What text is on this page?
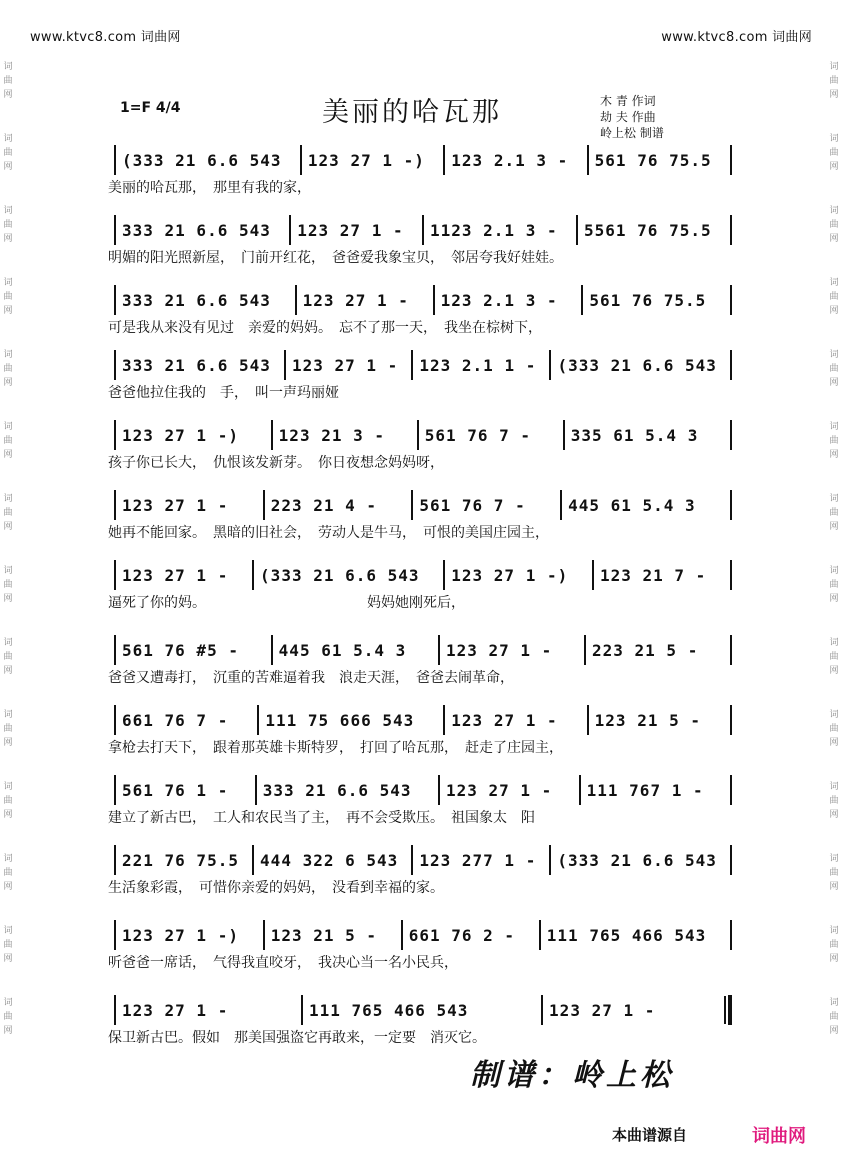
www.ktvc8.com 词曲网	www.ktvc8.com 词曲网
词曲网
词曲网
词曲网
词曲网
词曲网
词曲网
词曲网
词曲网
词曲网
词曲网
词曲网
词曲网
词曲网
词曲网
词曲网
词曲网
词曲网
词曲网
词曲网
词曲网
词曲网
词曲网
词曲网
词曲网
词曲网
词曲网
词曲网
词曲网
1=F 4/4	美丽的哈瓦那	木 青 作词
劫 夫 作曲
岭上松 制谱
(333 21 6.6 543	123 27 1 -)	123 2.1 3 -	561 76 75.5
美丽的哈瓦那，　那里有我的家，
333 21 6.6 543	123 27 1 -	1123 2.1 3 -	5561 76 75.5
明媚的阳光照新屋，　门前开红花，　爸爸爱我象宝贝，　邻居夸我好娃娃。
333 21 6.6 543	123 27 1 -	123 2.1 3 -	561 76 75.5
可是我从来没有见过　亲爱的妈妈。　忘不了那一天，　我坐在棕树下，
333 21 6.6 543	123 27 1 -	123 2.1 1 -	(333 21 6.6 543
爸爸他拉住我的　手，　叫一声玛丽娅
123 27 1 -)	123 21 3 -	561 76 7 -	335 61 5.4 3
孩子你已长大，　仇恨该发新芽。　你日夜想念妈妈呀，
123 27 1 -	223 21 4 -	561 76 7 -	445 61 5.4 3
她再不能回家。　黑暗的旧社会，　劳动人是牛马，　可恨的美国庄园主，
123 27 1 -	(333 21 6.6 543	123 27 1 -)	123 21 7 -
逼死了你的妈。　　　　　　　　　　　　妈妈她刚死后，
561 76 #5 -	445 61 5.4 3	123 27 1 -	223 21 5 -
爸爸又遭毒打，　沉重的苦难逼着我　浪走天涯，　爸爸去闹革命，
661 76 7 -	111 75 666 543	123 27 1 -	123 21 5 -
拿枪去打天下，　跟着那英雄卡斯特罗，　打回了哈瓦那，　赶走了庄园主，
561 76 1 -	333 21 6.6 543	123 27 1 -	111 767 1 -
建立了新古巴，　工人和农民当了主，　再不会受欺压。　祖国象太　阳
221 76 75.5	444 322 6 543	123 277 1 -	(333 21 6.6 543
生活象彩霞，　可惜你亲爱的妈妈，　没看到幸福的家。
123 27 1 -)	123 21 5 -	661 76 2 -	111 765 466 543
听爸爸一席话，　气得我直咬牙，　我决心当一名小民兵，
123 27 1 -	111 765 466 543	123 27 1 -
保卫新古巴。假如　那美国强盗它再敢来，一定要　消灭它。
制谱：岭上松
本曲谱源自	词曲网
